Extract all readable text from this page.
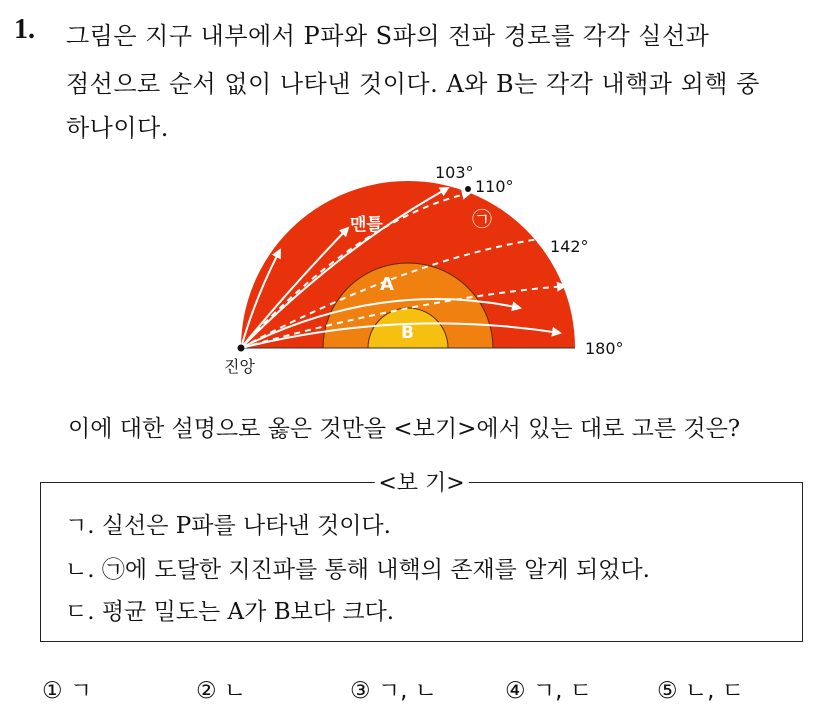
1. 그림은 지구 내부에서 P파와 S파의 전파 경로를 각각 실선과
점선으로 순서 없이 나타낸 것이다. A와 B는 각각 내핵과 외핵 중
하나이다.
맨틀
A
B
㉠
103°
110°
142°
180°
진앙
이에 대한 설명으로 옳은 것만을 <보기>에서 있는 대로 고른 것은?
<보 기>
ㄱ. 실선은 P파를 나타낸 것이다.
ㄴ. ㉠에 도달한 지진파를 통해 내핵의 존재를 알게 되었다.
ㄷ. 평균 밀도는 A가 B보다 크다.
① ㄱ	② ㄴ	③ ㄱ, ㄴ	④ ㄱ, ㄷ	⑤ ㄴ, ㄷ
